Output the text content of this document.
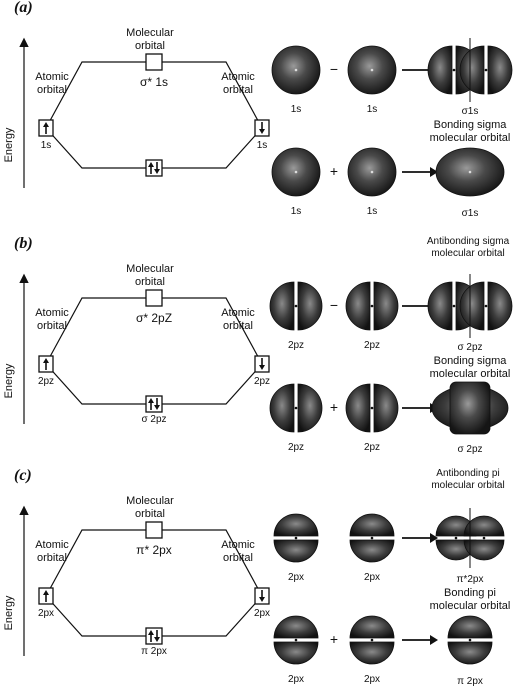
(a)
Energy
Atomic
orbital
Atomic
orbital
Molecular
orbital
σ* 1s
1s	1s
−
1s	1s	σ1s
Bonding sigma
molecular orbital
+
1s	1s	σ1s
(b)
Energy
Atomic
orbital
Atomic
orbital
Molecular
orbital
σ* 2pZ
2pz	2pz
σ 2pz
Antibonding sigma
molecular orbital
−
2pz	2pz	σ 2pz
Bonding sigma
molecular orbital
+
2pz	2pz	σ 2pz
(c)
Energy
Atomic
orbital
Atomic
orbital
Molecular
orbital
π* 2px
2px	2px
π 2px
Antibonding pi
molecular orbital
2px	2px	π*2px
Bonding pi
molecular orbital
+
2px	2px	π 2px
